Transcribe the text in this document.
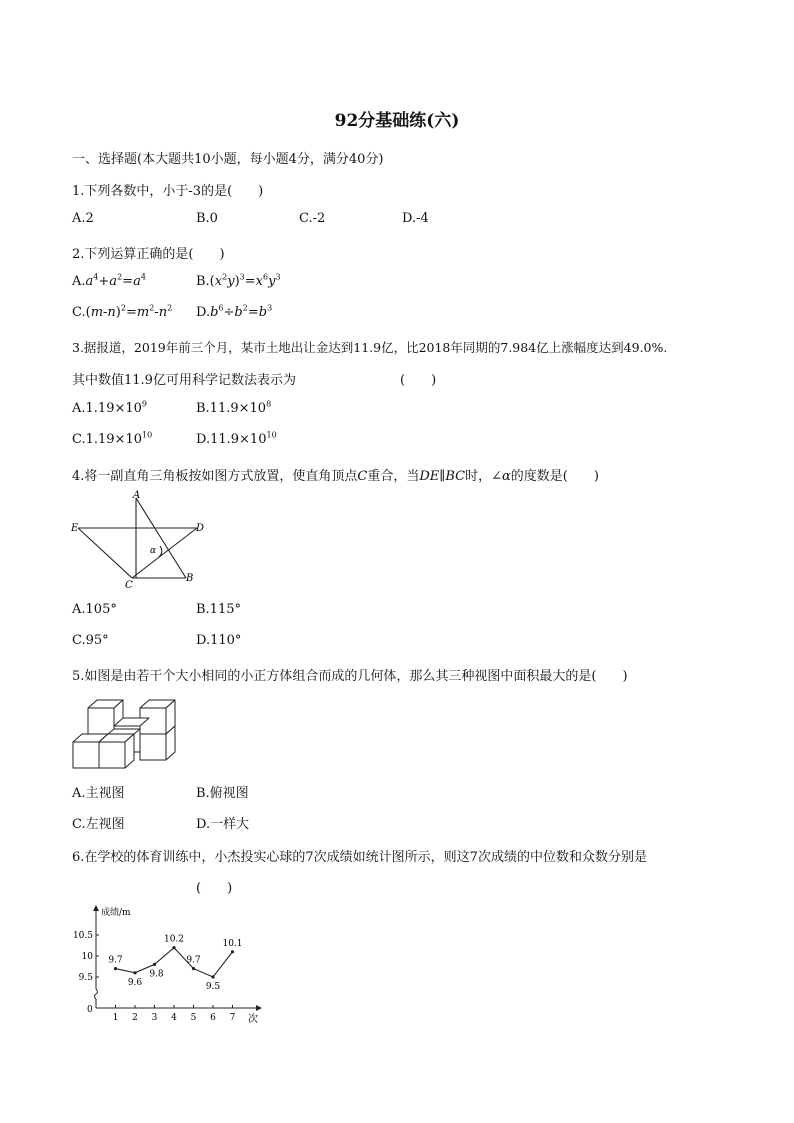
92分基础练(六)
一、选择题(本大题共10小题，每小题4分，满分40分)
1.下列各数中，小于-3的是(　　)
A.2	B.0	C.-2	D.-4
2.下列运算正确的是(　　)
$A.a^4+a^2=a^4$	$B.(x^2y)^3=x^6y^3$
$C.(m-n)^2=m^2-n^2$ $D.b^6\div b^2=b^3$
3.据报道，2019年前三个月，某市土地出让金达到11.9亿，比2018年同期的7.984亿上涨幅度达到49.0%.
其中数值11.9亿可用科学记数法表示为	(　　)
$A.1.19\times 10^9$	$B.11.9\times 10^8$
$C.1.19\times 10^{10}$	$D.11.9\times 10^{10}$
4.将一副直角三角板按如图方式放置，使直角顶点C重合，当DE∥BC时，∠α的度数是(　　)
A
B
C
D
E
α
A.105°	B.115°
C.95°	D.110°
5.如图是由若干个大小相同的小正方体组合而成的几何体，那么其三种视图中面积最大的是(　　)
A.主视图	B.俯视图
C.左视图	D.一样大
6.在学校的体育训练中，小杰投实心球的7次成绩如统计图所示，则这7次成绩的中位数和众数分别是
(　　)
10.5
10
9.5
1 2 3 4 5 6 7
9.7
9.6
9.8
10.2
9.7
9.5
10.1
成绩/m
次
0
